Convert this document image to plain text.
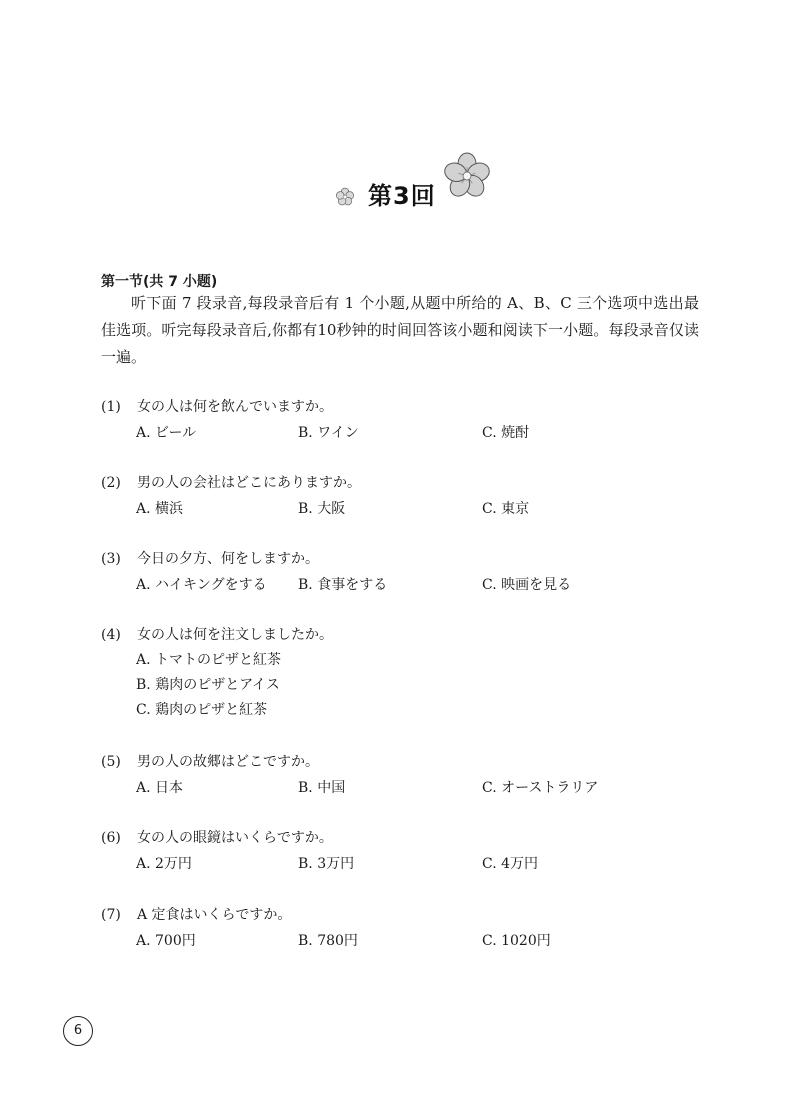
第3回
第一节(共 7 小题)
听下面 7 段录音,每段录音后有 1 个小题,从题中所给的 A、B、C 三个选项中选出最佳选项。听完每段录音后,你都有10秒钟的时间回答该小题和阅读下一小题。每段录音仅读一遍。
(1) 女の人は何を飲んでいますか。
A. ビール	B. ワイン	C. 焼酎
(2) 男の人の会社はどこにありますか。
A. 横浜	B. 大阪	C. 東京
(3) 今日の夕方、何をしますか。
A. ハイキングをする B. 食事をする	C. 映画を見る
(4) 女の人は何を注文しましたか。
A. トマトのピザと紅茶
B. 鶏肉のピザとアイス
C. 鶏肉のピザと紅茶
(5) 男の人の故郷はどこですか。
A. 日本	B. 中国	C. オーストラリア
(6) 女の人の眼鏡はいくらですか。
A. 2万円	B. 3万円	C. 4万円
(7) A 定食はいくらですか。
A. 700円	B. 780円	C. 1020円
6
